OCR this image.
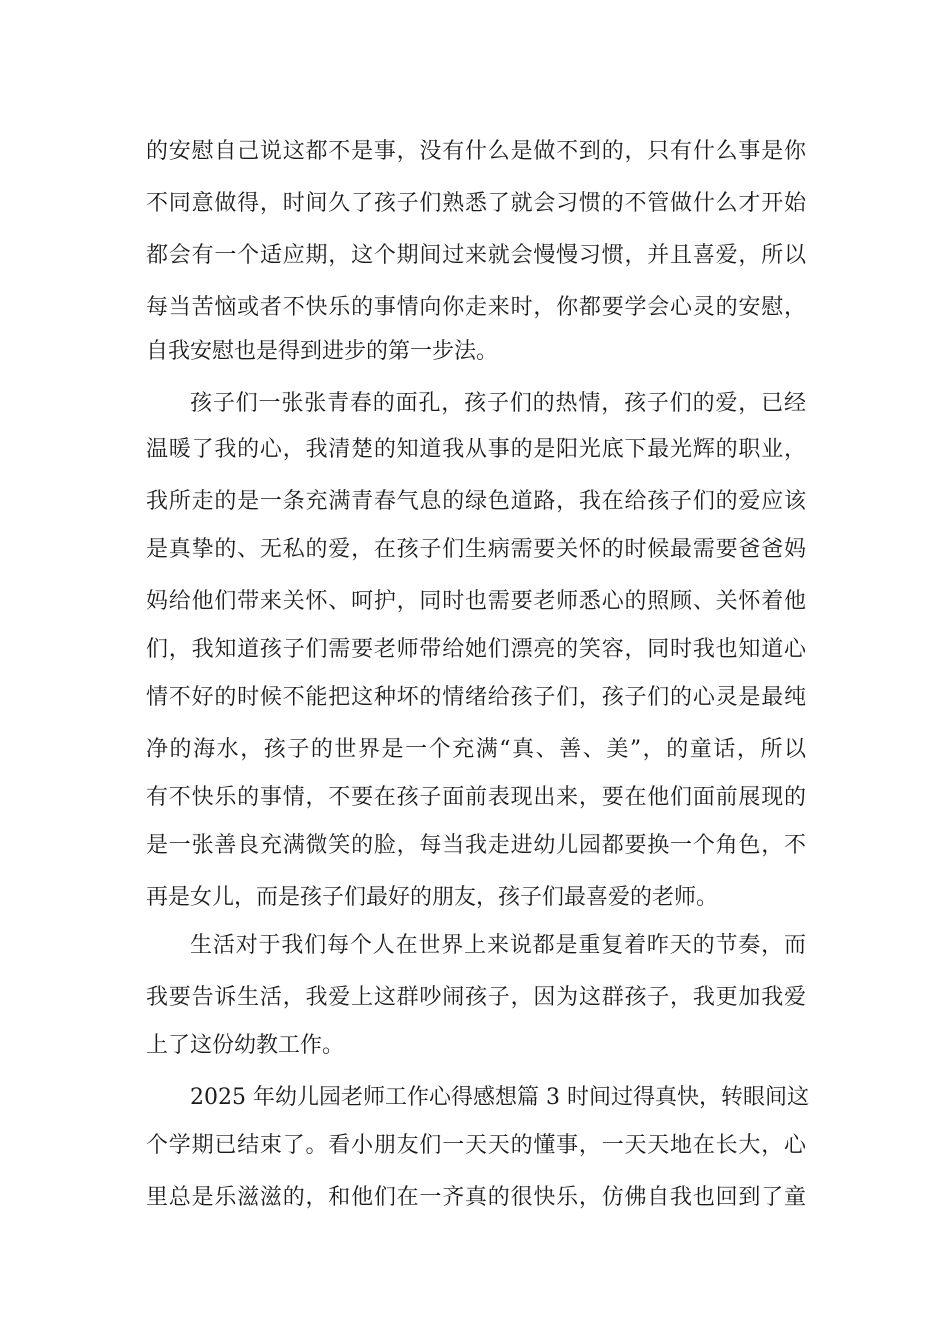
的安慰自己说这都不是事，没有什么是做不到的，只有什么事是你
不同意做得，时间久了孩子们熟悉了就会习惯的不管做什么才开始
都会有一个适应期，这个期间过来就会慢慢习惯，并且喜爱，所以
每当苦恼或者不快乐的事情向你走来时，你都要学会心灵的安慰，
自我安慰也是得到进步的第一步法。
孩子们一张张青春的面孔，孩子们的热情，孩子们的爱，已经
温暖了我的心，我清楚的知道我从事的是阳光底下最光辉的职业，
我所走的是一条充满青春气息的绿色道路，我在给孩子们的爱应该
是真挚的、无私的爱，在孩子们生病需要关怀的时候最需要爸爸妈
妈给他们带来关怀、呵护，同时也需要老师悉心的照顾、关怀着他
们，我知道孩子们需要老师带给她们漂亮的笑容，同时我也知道心
情不好的时候不能把这种坏的情绪给孩子们，孩子们的心灵是最纯
净的海水，孩子的世界是一个充满“真、善、美”，的童话，所以
有不快乐的事情，不要在孩子面前表现出来，要在他们面前展现的
是一张善良充满微笑的脸，每当我走进幼儿园都要换一个角色，不
再是女儿，而是孩子们最好的朋友，孩子们最喜爱的老师。
生活对于我们每个人在世界上来说都是重复着昨天的节奏，而
我要告诉生活，我爱上这群吵闹孩子，因为这群孩子，我更加我爱
上了这份幼教工作。
2025 年幼儿园老师工作心得感想篇 3 时间过得真快，转眼间这
个学期已结束了。看小朋友们一天天的懂事，一天天地在长大，心
里总是乐滋滋的，和他们在一齐真的很快乐，仿佛自我也回到了童
